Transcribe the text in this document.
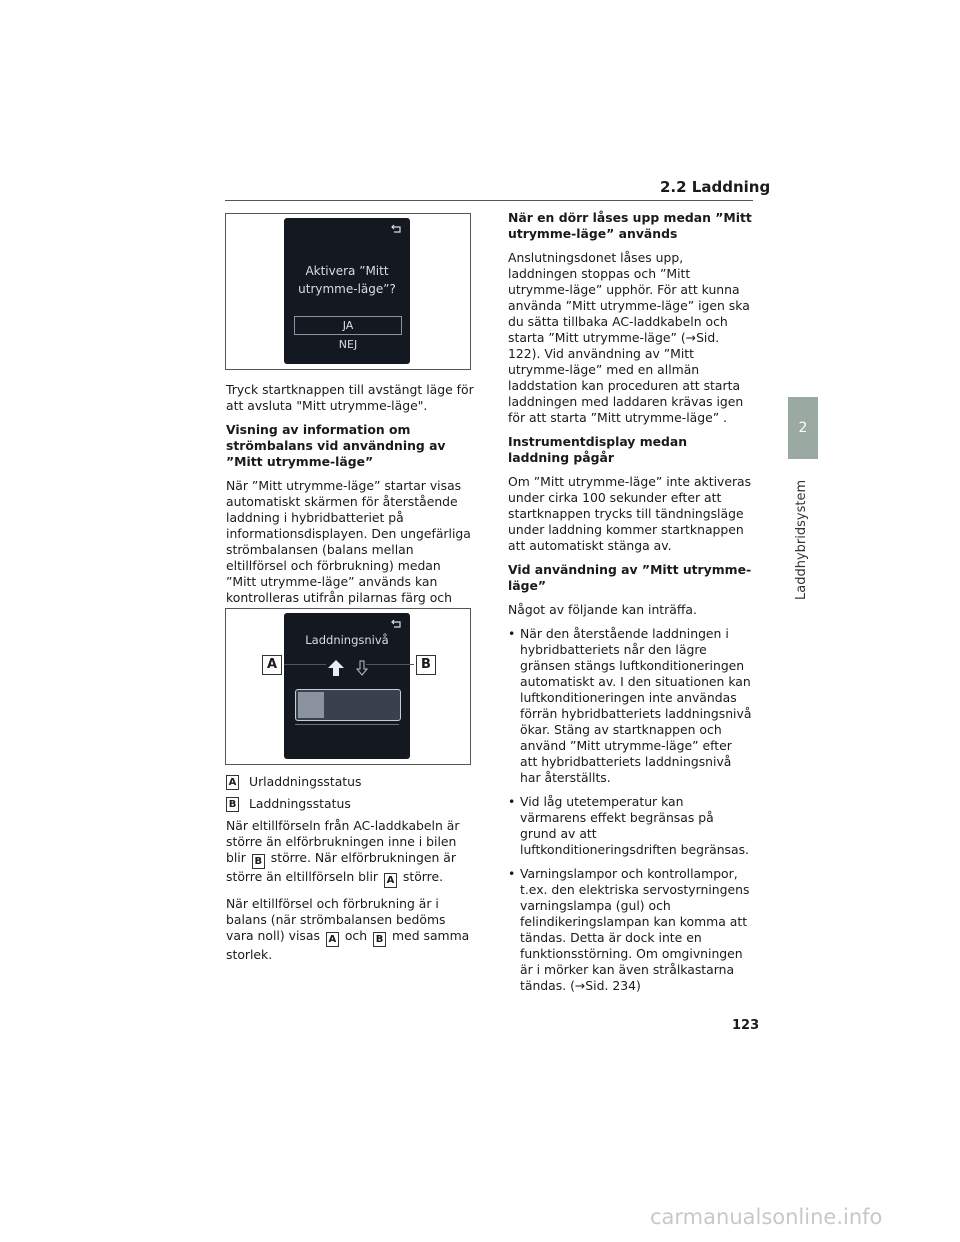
2.2 Laddning
2
Laddhybridsystem
Aktivera ”Mitt utrymme-läge”?
JA
NEJ

Tryck startknappen till avstängt läge för att avsluta "Mitt utrymme-läge".

Visning av information om strömbalans vid användning av ”Mitt utrymme-läge”

När ”Mitt utrymme-läge” startar visas automatiskt skärmen för återstående laddning i hybridbatteriet på informationsdisplayen. Den ungefärliga strömbalansen (balans mellan eltillförsel och förbrukning) medan ”Mitt utrymme-läge” används kan kontrolleras utifrån pilarnas färg och

Laddningsnivå
A	B
A Urladdningsstatus
B Laddningsstatus

När eltillförseln från AC-laddkabeln är större än elförbrukningen inne i bilen blir B större. När elförbrukningen är större än eltillförseln blir A större.

När eltillförsel och förbrukning är i balans (när strömbalansen bedöms vara noll) visas A och B med samma storlek.

När en dörr låses upp medan ”Mitt utrymme-läge” används

Anslutningsdonet låses upp, laddningen stoppas och ”Mitt utrymme-läge” upphör. För att kunna använda ”Mitt utrymme-läge” igen ska du sätta tillbaka AC-laddkabeln och starta ”Mitt utrymme-läge” (→Sid. 122). Vid användning av ”Mitt utrymme-läge” med en allmän laddstation kan proceduren att starta laddningen med laddaren krävas igen för att starta ”Mitt utrymme-läge” .

Instrumentdisplay medan laddning pågår

Om ”Mitt utrymme-läge” inte aktiveras under cirka 100 sekunder efter att startknappen trycks till tändningsläge under laddning kommer startknappen att automatiskt stänga av.

Vid användning av ”Mitt utrymme-läge”

Något av följande kan inträffa.

• När den återstående laddningen i hybridbatteriets når den lägre gränsen stängs luftkonditioneringen automatiskt av. I den situationen kan luftkonditioneringen inte användas förrän hybridbatteriets laddningsnivå ökar. Stäng av startknappen och använd ”Mitt utrymme-läge” efter att hybridbatteriets laddningsnivå har återställts.
• Vid låg utetemperatur kan värmarens effekt begränsas på grund av att luftkonditioneringsdriften begränsas.
• Varningslampor och kontrollampor, t.ex. den elektriska servostyrningens varningslampa (gul) och felindikeringslampan kan komma att tändas. Detta är dock inte en funktionsstörning. Om omgivningen är i mörker kan även strålkastarna tändas. (→Sid. 234)
123
carmanualsonline.info
